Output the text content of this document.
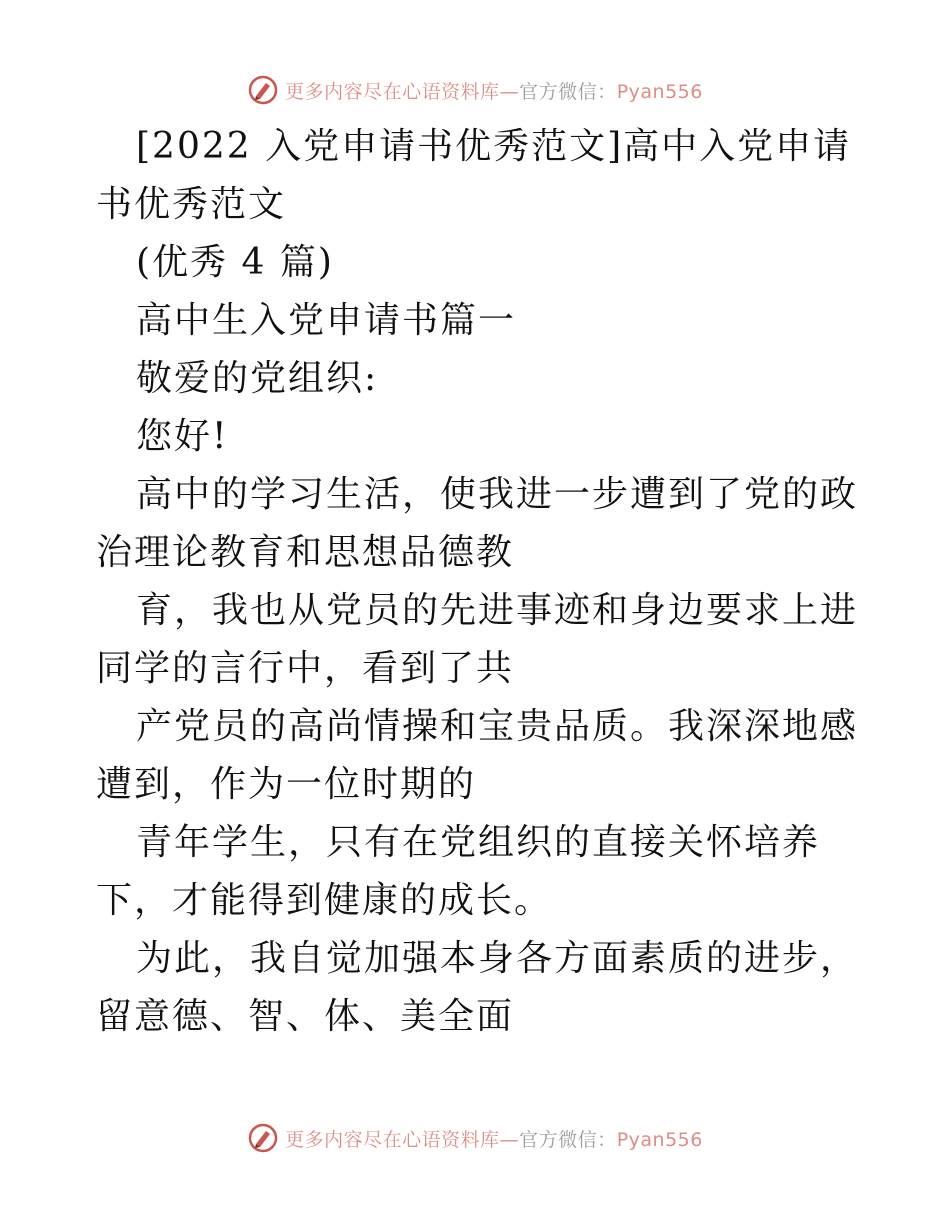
更多内容尽在心语资料库—官方微信：Pyan556

[2022 入党申请书优秀范文]高中入党申请书优秀范文

(优秀 4 篇)

高中生入党申请书篇一

敬爱的党组织:

您好!

高中的学习生活，使我进一步遭到了党的政治理论教育和思想品德教

育，我也从党员的先进事迹和身边要求上进同学的言行中，看到了共

产党员的高尚情操和宝贵品质。我深深地感遭到，作为一位时期的

青年学生，只有在党组织的直接关怀培养下，才能得到健康的成长。

为此，我自觉加强本身各方面素质的进步，留意德、智、体、美全面

更多内容尽在心语资料库—官方微信：Pyan556
